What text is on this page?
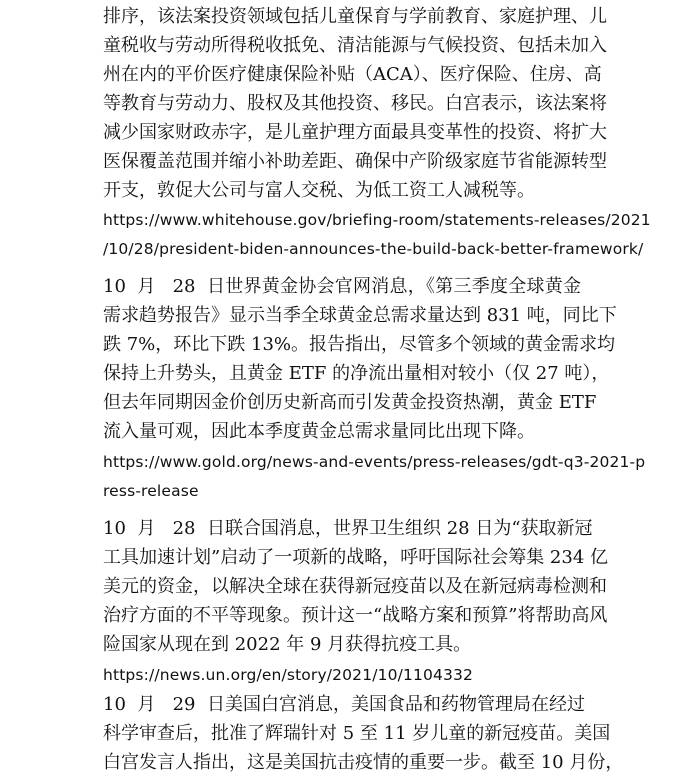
排序，该法案投资领域包括儿童保育与学前教育、家庭护理、儿
童税收与劳动所得税收抵免、清洁能源与气候投资、包括未加入
州在内的平价医疗健康保险补贴（ACA）、医疗保险、住房、高
等教育与劳动力、股权及其他投资、移民。白宫表示，该法案将
减少国家财政赤字，是儿童护理方面最具变革性的投资、将扩大
医保覆盖范围并缩小补助差距、确保中产阶级家庭节省能源转型
开支，敦促大公司与富人交税、为低工资工人减税等。
https://www.whitehouse.gov/briefing-room/statements-releases/2021
/10/28/president-biden-announces-the-build-back-better-framework/
10 月 28 日世界黄金协会官网消息，《第三季度全球黄金
需求趋势报告》显示当季全球黄金总需求量达到 831 吨，同比下
跌 7%，环比下跌 13%。报告指出，尽管多个领域的黄金需求均
保持上升势头，且黄金 ETF 的净流出量相对较小（仅 27 吨），
但去年同期因金价创历史新高而引发黄金投资热潮，黄金 ETF
流入量可观，因此本季度黄金总需求量同比出现下降。
https://www.gold.org/news-and-events/press-releases/gdt-q3-2021-p
ress-release
10 月 28 日联合国消息，世界卫生组织 28 日为“获取新冠
工具加速计划”启动了一项新的战略，呼吁国际社会筹集 234 亿
美元的资金，以解决全球在获得新冠疫苗以及在新冠病毒检测和
治疗方面的不平等现象。预计这一“战略方案和预算”将帮助高风
险国家从现在到 2022 年 9 月获得抗疫工具。
https://news.un.org/en/story/2021/10/1104332
10 月 29 日美国白宫消息，美国食品和药物管理局在经过
科学审查后，批准了辉瑞针对 5 至 11 岁儿童的新冠疫苗。美国
白宫发言人指出，这是美国抗击疫情的重要一步。截至 10 月份，
